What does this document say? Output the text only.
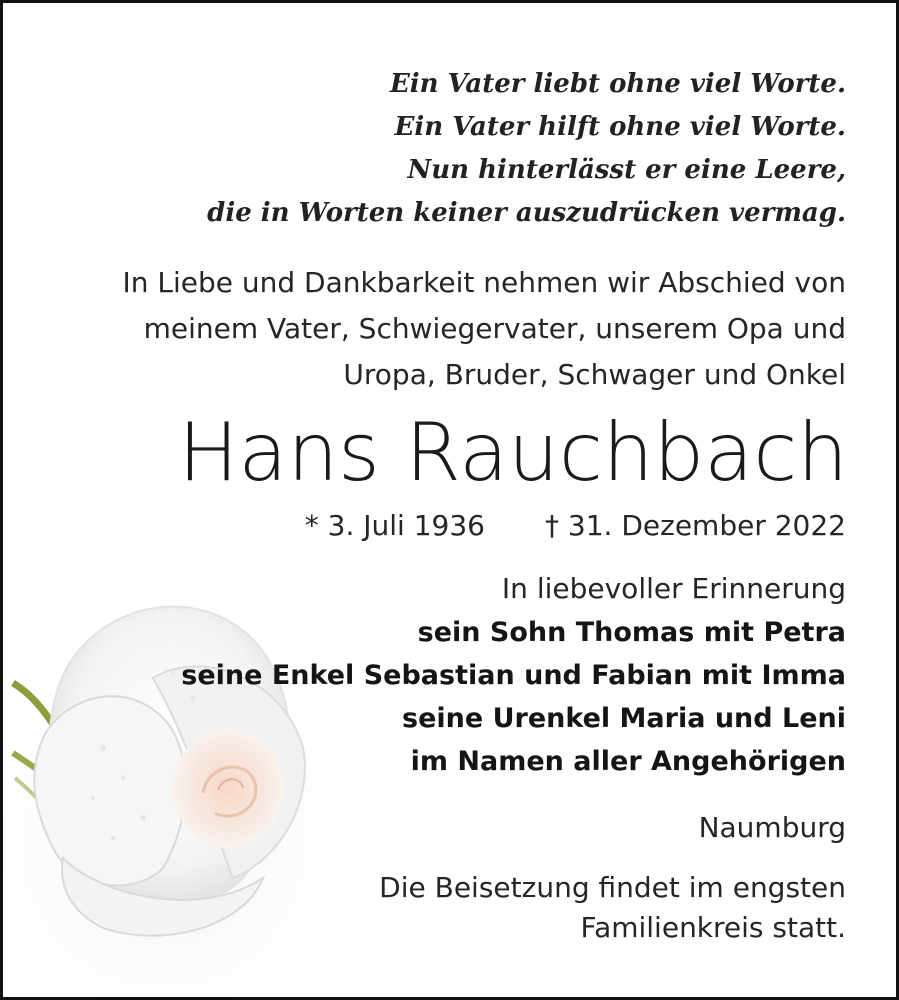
Ein Vater liebt ohne viel Worte.
Ein Vater hilft ohne viel Worte.
Nun hinterlässt er eine Leere,
die in Worten keiner auszudrücken vermag.
In Liebe und Dankbarkeit nehmen wir Abschied von
meinem Vater, Schwiegervater, unserem Opa und
Uropa, Bruder, Schwager und Onkel
Hans Rauchbach
* 3. Juli 1936 † 31. Dezember 2022
In liebevoller Erinnerung
sein Sohn Thomas mit Petra
seine Enkel Sebastian und Fabian mit Imma
seine Urenkel Maria und Leni
im Namen aller Angehörigen
Naumburg
Die Beisetzung findet im engsten
Familienkreis statt.
